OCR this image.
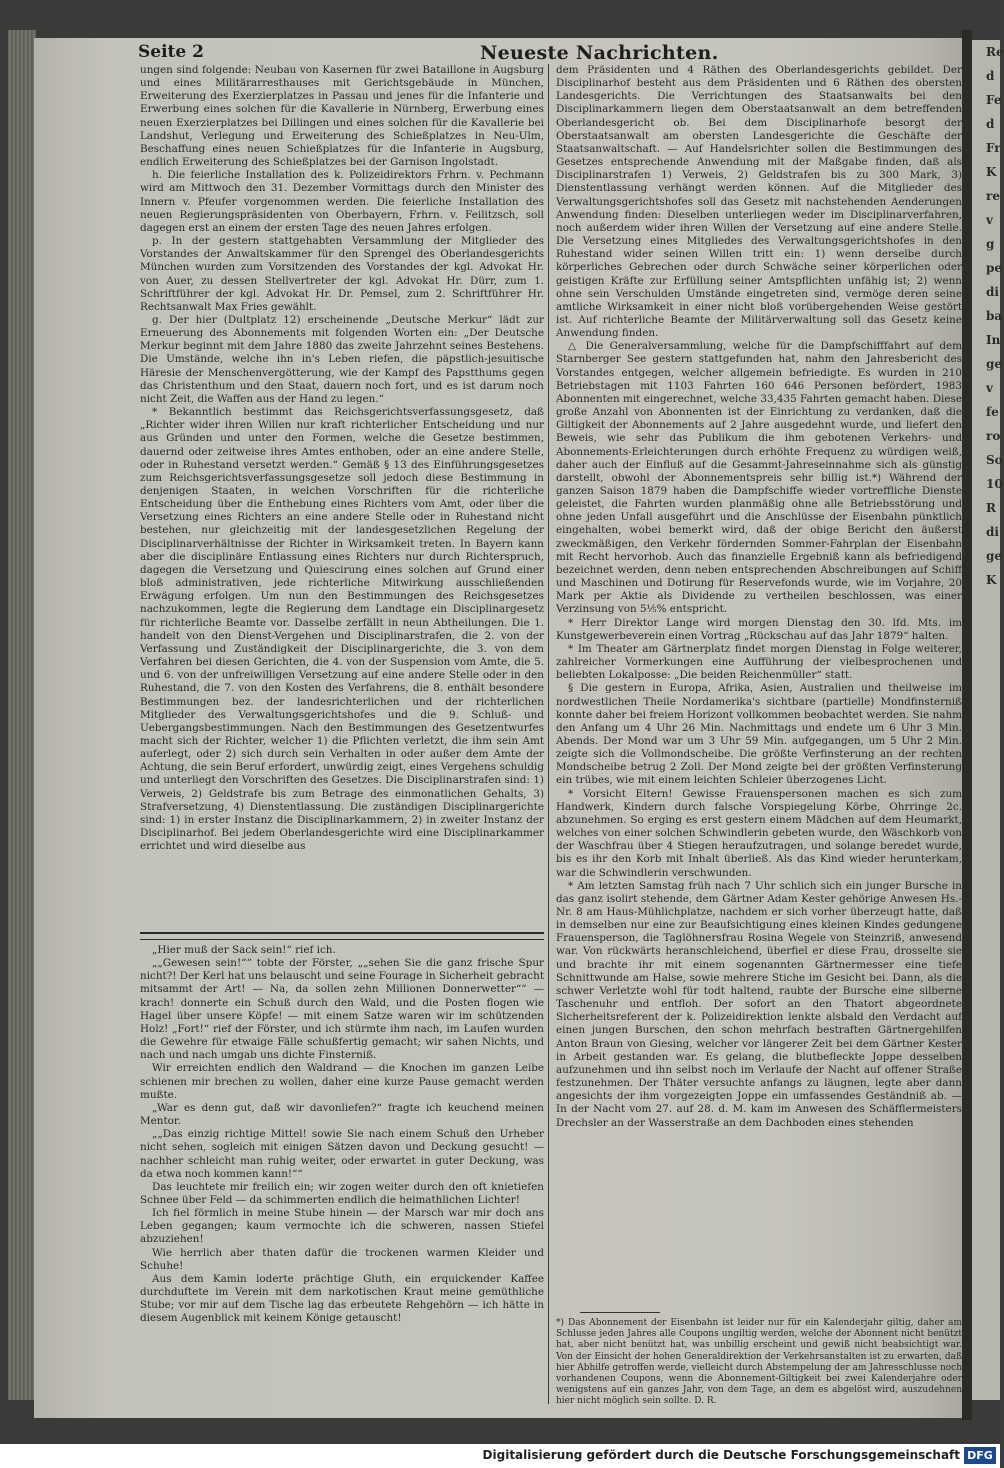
Seite 2	Neueste Nachrichten.

ungen sind folgende: Neubau von Kasernen für zwei Bataillone in Augsburg und eines Militärarresthauses mit Gerichtsgebäude in München, Erweiterung des Exerzierplatzes in Passau und jenes für die Infanterie und Erwerbung eines solchen für die Kavallerie in Nürnberg, Erwerbung eines neuen Exerzierplatzes bei Dillingen und eines solchen für die Kavallerie bei Landshut, Verlegung und Erweiterung des Schießplatzes in Neu-Ulm, Beschaffung eines neuen Schießplatzes für die Infanterie in Augsburg, endlich Erweiterung des Schießplatzes bei der Garnison Ingolstadt.

h. Die feierliche Installation des k. Polizeidirektors Frhrn. v. Pechmann wird am Mittwoch den 31. Dezember Vormittags durch den Minister des Innern v. Pfeufer vorgenommen werden. Die feierliche Installation des neuen Regierungspräsidenten von Oberbayern, Frhrn. v. Feilitzsch, soll dagegen erst an einem der ersten Tage des neuen Jahres erfolgen.

p. In der gestern stattgehabten Versammlung der Mitglieder des Vorstandes der Anwaltskammer für den Sprengel des Oberlandesgerichts München wurden zum Vorsitzenden des Vorstandes der kgl. Advokat Hr. von Auer, zu dessen Stellvertreter der kgl. Advokat Hr. Dürr, zum 1. Schriftführer der kgl. Advokat Hr. Dr. Pemsel, zum 2. Schriftführer Hr. Rechtsanwalt Max Fries gewählt.

g. Der hier (Dultplatz 12) erscheinende „Deutsche Merkur“ lädt zur Erneuerung des Abonnements mit folgenden Worten ein: „Der Deutsche Merkur beginnt mit dem Jahre 1880 das zweite Jahrzehnt seines Bestehens. Die Umstände, welche ihn in's Leben riefen, die päpstlich-jesuitische Häresie der Menschenvergötterung, wie der Kampf des Papstthums gegen das Christenthum und den Staat, dauern noch fort, und es ist darum noch nicht Zeit, die Waffen aus der Hand zu legen.“

* Bekanntlich bestimmt das Reichsgerichtsverfassungsgesetz, daß „Richter wider ihren Willen nur kraft richterlicher Entscheidung und nur aus Gründen und unter den Formen, welche die Gesetze bestimmen, dauernd oder zeitweise ihres Amtes enthoben, oder an eine andere Stelle, oder in Ruhestand versetzt werden.“ Gemäß § 13 des Einführungsgesetzes zum Reichsgerichtsverfassungsgesetze soll jedoch diese Bestimmung in denjenigen Staaten, in welchen Vorschriften für die richterliche Entscheidung über die Enthebung eines Richters vom Amt, oder über die Versetzung eines Richters an eine andere Stelle oder in Ruhestand nicht bestehen, nur gleichzeitig mit der landesgesetzlichen Regelung der Disciplinarverhältnisse der Richter in Wirksamkeit treten. In Bayern kann aber die disciplinäre Entlassung eines Richters nur durch Richterspruch, dagegen die Versetzung und Quiescirung eines solchen auf Grund einer bloß administrativen, jede richterliche Mitwirkung ausschließenden Erwägung erfolgen. Um nun den Bestimmungen des Reichsgesetzes nachzukommen, legte die Regierung dem Landtage ein Disciplinargesetz für richterliche Beamte vor. Dasselbe zerfällt in neun Abtheilungen. Die 1. handelt von den Dienst-Vergehen und Disciplinarstrafen, die 2. von der Verfassung und Zuständigkeit der Disciplinargerichte, die 3. von dem Verfahren bei diesen Gerichten, die 4. von der Suspension vom Amte, die 5. und 6. von der unfreiwilligen Versetzung auf eine andere Stelle oder in den Ruhestand, die 7. von den Kosten des Verfahrens, die 8. enthält besondere Bestimmungen bez. der landesrichterlichen und der richterlichen Mitglieder des Verwaltungsgerichtshofes und die 9. Schluß- und Uebergangsbestimmungen. Nach den Bestimmungen des Gesetzentwurfes macht sich der Richter, welcher 1) die Pflichten verletzt, die ihm sein Amt auferlegt, oder 2) sich durch sein Verhalten in oder außer dem Amte der Achtung, die sein Beruf erfordert, unwürdig zeigt, eines Vergehens schuldig und unterliegt den Vorschriften des Gesetzes. Die Disciplinarstrafen sind: 1) Verweis, 2) Geldstrafe bis zum Betrage des einmonatlichen Gehalts, 3) Strafversetzung, 4) Dienstentlassung. Die zuständigen Disciplinargerichte sind: 1) in erster Instanz die Disciplinarkammern, 2) in zweiter Instanz der Disciplinarhof. Bei jedem Oberlandesgerichte wird eine Disciplinarkammer errichtet und wird dieselbe aus

„Hier muß der Sack sein!“ rief ich.

„„Gewesen sein!““ tobte der Förster, „„sehen Sie die ganz frische Spur nicht?! Der Kerl hat uns belauscht und seine Fourage in Sicherheit gebracht mitsammt der Art! — Na, da sollen zehn Millionen Donnerwetter““ — krach! donnerte ein Schuß durch den Wald, und die Posten flogen wie Hagel über unsere Köpfe! — mit einem Satze waren wir im schützenden Holz! „Fort!“ rief der Förster, und ich stürmte ihm nach, im Laufen wurden die Gewehre für etwaige Fälle schußfertig gemacht; wir sahen Nichts, und nach und nach umgab uns dichte Finsterniß.

Wir erreichten endlich den Waldrand — die Knochen im ganzen Leibe schienen mir brechen zu wollen, daher eine kurze Pause gemacht werden mußte.

„War es denn gut, daß wir davonliefen?“ fragte ich keuchend meinen Mentor.

„„Das einzig richtige Mittel! sowie Sie nach einem Schuß den Urheber nicht sehen, sogleich mit einigen Sätzen davon und Deckung gesucht! — nachher schleicht man ruhig weiter, oder erwartet in guter Deckung, was da etwa noch kommen kann!““

Das leuchtete mir freilich ein; wir zogen weiter durch den oft knietiefen Schnee über Feld — da schimmerten endlich die heimathlichen Lichter!

Ich fiel förmlich in meine Stube hinein — der Marsch war mir doch ans Leben gegangen; kaum vermochte ich die schweren, nassen Stiefel abzuziehen!

Wie herrlich aber thaten dafür die trockenen warmen Kleider und Schuhe!

Aus dem Kamin loderte prächtige Gluth, ein erquickender Kaffee durchduftete im Verein mit dem narkotischen Kraut meine gemüthliche Stube; vor mir auf dem Tische lag das erbeutete Rehgehörn — ich hätte in diesem Augenblick mit keinem Könige getauscht!

dem Präsidenten und 4 Räthen des Oberlandesgerichts gebildet. Der Disciplinarhof besteht aus dem Präsidenten und 6 Räthen des obersten Landesgerichts. Die Verrichtungen des Staatsanwalts bei den Disciplinarkammern liegen dem Oberstaatsanwalt an dem betreffenden Oberlandesgericht ob. Bei dem Disciplinarhofe besorgt der Oberstaatsanwalt am obersten Landesgerichte die Geschäfte der Staatsanwaltschaft. — Auf Handelsrichter sollen die Bestimmungen des Gesetzes entsprechende Anwendung mit der Maßgabe finden, daß als Disciplinarstrafen 1) Verweis, 2) Geldstrafen bis zu 300 Mark, 3) Dienstentlassung verhängt werden können. Auf die Mitglieder des Verwaltungsgerichtshofes soll das Gesetz mit nachstehenden Aenderungen Anwendung finden: Dieselben unterliegen weder im Disciplinarverfahren, noch außerdem wider ihren Willen der Versetzung auf eine andere Stelle. Die Versetzung eines Mitgliedes des Verwaltungsgerichtshofes in den Ruhestand wider seinen Willen tritt ein: 1) wenn derselbe durch körperliches Gebrechen oder durch Schwäche seiner körperlichen oder geistigen Kräfte zur Erfüllung seiner Amtspflichten unfähig ist; 2) wenn ohne sein Verschulden Umstände eingetreten sind, vermöge deren seine amtliche Wirksamkeit in einer nicht bloß vorübergehenden Weise gestört ist. Auf richterliche Beamte der Militärverwaltung soll das Gesetz keine Anwendung finden.

△ Die Generalversammlung, welche für die Dampfschifffahrt auf dem Starnberger See gestern stattgefunden hat, nahm den Jahresbericht des Vorstandes entgegen, welcher allgemein befriedigte. Es wurden in 210 Betriebstagen mit 1103 Fahrten 160 646 Personen befördert, 1983 Abonnenten mit eingerechnet, welche 33,435 Fahrten gemacht haben. Diese große Anzahl von Abonnenten ist der Einrichtung zu verdanken, daß die Giltigkeit der Abonnements auf 2 Jahre ausgedehnt wurde, und liefert den Beweis, wie sehr das Publikum die ihm gebotenen Verkehrs- und Abonnements-Erleichterungen durch erhöhte Frequenz zu würdigen weiß, daher auch der Einfluß auf die Gesammt-Jahreseinnahme sich als günstig darstellt, obwohl der Abonnementspreis sehr billig ist.*) Während der ganzen Saison 1879 haben die Dampfschiffe wieder vortreffliche Dienste geleistet, die Fahrten wurden planmäßig ohne alle Betriebsstörung und ohne jeden Unfall ausgeführt und die Anschlüsse der Eisenbahn pünktlich eingehalten, wobei bemerkt wird, daß der obige Bericht den äußerst zweckmäßigen, den Verkehr fördernden Sommer-Fahrplan der Eisenbahn mit Recht hervorhob. Auch das finanzielle Ergebniß kann als befriedigend bezeichnet werden, denn neben entsprechenden Abschreibungen auf Schiff und Maschinen und Dotirung für Reservefonds wurde, wie im Vorjahre, 20 Mark per Aktie als Dividende zu vertheilen beschlossen, was einer Verzinsung von 5⅕% entspricht.

* Herr Direktor Lange wird morgen Dienstag den 30. lfd. Mts. im Kunstgewerbeverein einen Vortrag „Rückschau auf das Jahr 1879“ halten.

* Im Theater am Gärtnerplatz findet morgen Dienstag in Folge weiterer, zahlreicher Vormerkungen eine Aufführung der vielbesprochenen und beliebten Lokalposse: „Die beiden Reichenmüller“ statt.

§ Die gestern in Europa, Afrika, Asien, Australien und theilweise im nordwestlichen Theile Nordamerika's sichtbare (partielle) Mondfinsterniß konnte daher bei freiem Horizont vollkommen beobachtet werden. Sie nahm den Anfang um 4 Uhr 26 Min. Nachmittags und endete um 6 Uhr 3 Min. Abends. Der Mond war um 3 Uhr 59 Min. aufgegangen, um 5 Uhr 2 Min. zeigte sich die Vollmondscheibe. Die größte Verfinsterung an der rechten Mondscheibe betrug 2 Zoll. Der Mond zeigte bei der größten Verfinsterung ein trübes, wie mit einem leichten Schleier überzogenes Licht.

* Vorsicht Eltern! Gewisse Frauenspersonen machen es sich zum Handwerk, Kindern durch falsche Vorspiegelung Körbe, Ohrringe 2c. abzunehmen. So erging es erst gestern einem Mädchen auf dem Heumarkt, welches von einer solchen Schwindlerin gebeten wurde, den Wäschkorb von der Waschfrau über 4 Stiegen heraufzutragen, und solange beredet wurde, bis es ihr den Korb mit Inhalt überließ. Als das Kind wieder herunterkam, war die Schwindlerin verschwunden.

* Am letzten Samstag früh nach 7 Uhr schlich sich ein junger Bursche in das ganz isolirt stehende, dem Gärtner Adam Kester gehörige Anwesen Hs.-Nr. 8 am Haus-Mühlichplatze, nachdem er sich vorher überzeugt hatte, daß in demselben nur eine zur Beaufsichtigung eines kleinen Kindes gedungene Frauensperson, die Taglöhnersfrau Rosina Wegele von Steinzriß, anwesend war. Von rückwärts heranschleichend, überfiel er diese Frau, drosselte sie und brachte ihr mit einem sogenannten Gärtnermesser eine tiefe Schnittwunde am Halse, sowie mehrere Stiche im Gesicht bei. Dann, als die schwer Verletzte wohl für todt haltend, raubte der Bursche eine silberne Taschenuhr und entfloh. Der sofort an den Thatort abgeordnete Sicherheitsreferent der k. Polizeidirektion lenkte alsbald den Verdacht auf einen jungen Burschen, den schon mehrfach bestraften Gärtnergehilfen Anton Braun von Giesing, welcher vor längerer Zeit bei dem Gärtner Kester in Arbeit gestanden war. Es gelang, die blutbefleckte Joppe desselben aufzunehmen und ihn selbst noch im Verlaufe der Nacht auf offener Straße festzunehmen. Der Thäter versuchte anfangs zu läugnen, legte aber dann angesichts der ihm vorgezeigten Joppe ein umfassendes Geständniß ab. — In der Nacht vom 27. auf 28. d. M. kam im Anwesen des Schäfflermeisters Drechsler an der Wasserstraße an dem Dachboden eines stehenden

*) Das Abonnement der Eisenbahn ist leider nur für ein Kalenderjahr giltig, daher am Schlusse jeden Jahres alle Coupons ungiltig werden, welche der Abonnent nicht benützt hat, aber nicht benützt hat, was unbillig erscheint und gewiß nicht beabsichtigt war. Von der Einsicht der hohen Generaldirektion der Verkehrsanstalten ist zu erwarten, daß hier Abhilfe getroffen werde, vielleicht durch Abstempelung der am Jahresschlusse noch vorhandenen Coupons, wenn die Abonnement-Giltigkeit bei zwei Kalenderjahre oder wenigstens auf ein ganzes Jahr, von dem Tage, an dem es abgelöst wird, auszudehnen hier nicht möglich sein sollte. D. R.

Re
d
Fe
d
Fr
K
re
v
g
pe
di
ba
In
ge
v
fe
ro
So
10
R
di
ge
K
Digitalisierung gefördert durch die Deutsche Forschungsgemeinschaft DFG
